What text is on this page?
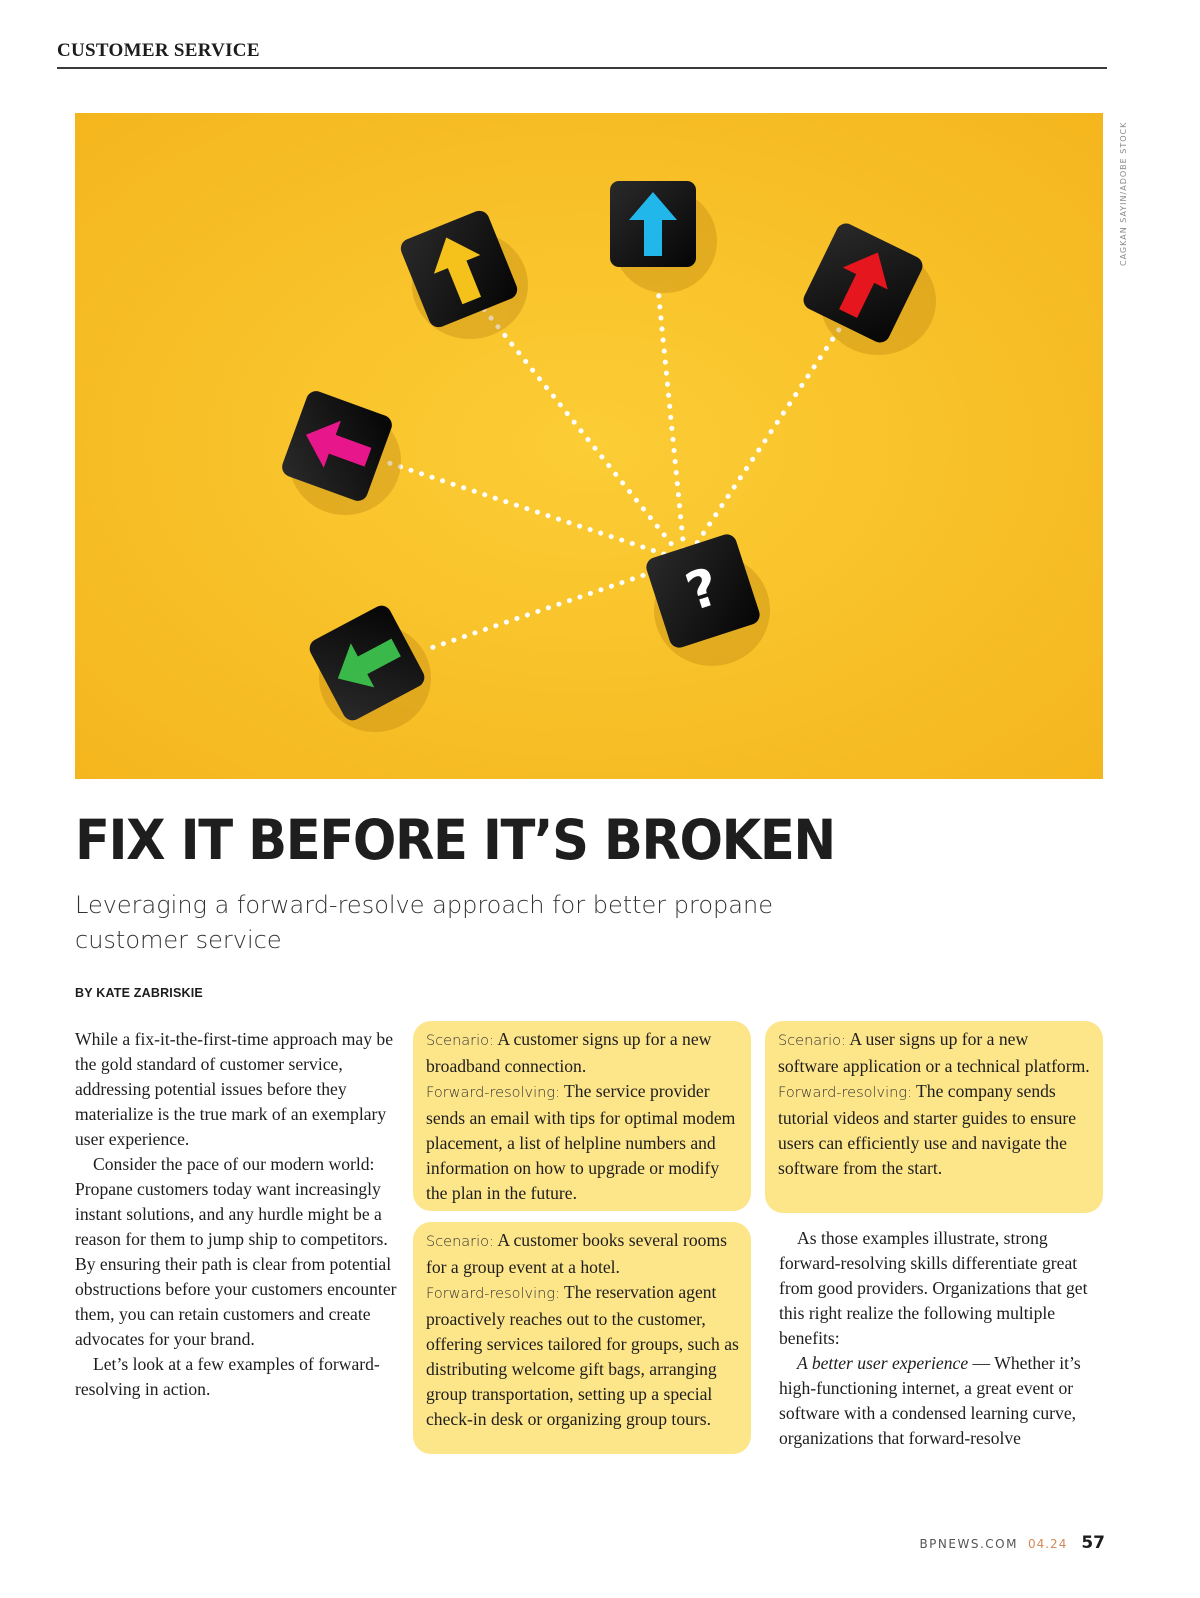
CUSTOMER SERVICE
?
CAGKAN SAYIN/ADOBE STOCK
FIX IT BEFORE IT’S BROKEN
Leveraging a forward-resolve approach for better propane customer service
BY KATE ZABRISKIE

While a fix-it-the-first-time approach may be the gold standard of customer service, addressing potential issues before they materialize is the true mark of an exemplary user experience.

Consider the pace of our modern world: Propane customers today want increasingly instant solutions, and any hurdle might be a reason for them to jump ship to competitors. By ensuring their path is clear from potential obstructions before your customers encounter them, you can retain customers and create advocates for your brand.

Let’s look at a few examples of forward-resolving in action.

Scenario: A customer signs up for a new broadband connection.
Forward-resolving: The service provider sends an email with tips for optimal modem placement, a list of helpline numbers and information on how to upgrade or modify the plan in the future.
Scenario: A user signs up for a new software application or a technical platform.
Forward-resolving: The company sends tutorial videos and starter guides to ensure users can efficiently use and navigate the software from the start.
Scenario: A customer books several rooms for a group event at a hotel.
Forward-resolving: The reservation agent proactively reaches out to the customer, offering services tailored for groups, such as distributing welcome gift bags, arranging group transportation, setting up a special check-in desk or organizing group tours.

As those examples illustrate, strong forward-resolving skills differentiate great from good providers. Organizations that get this right realize the following multiple benefits:

A better user experience — Whether it’s high-functioning internet, a great event or software with a condensed learning curve, organizations that forward-resolve

BPNEWS.COM 04.24 57
